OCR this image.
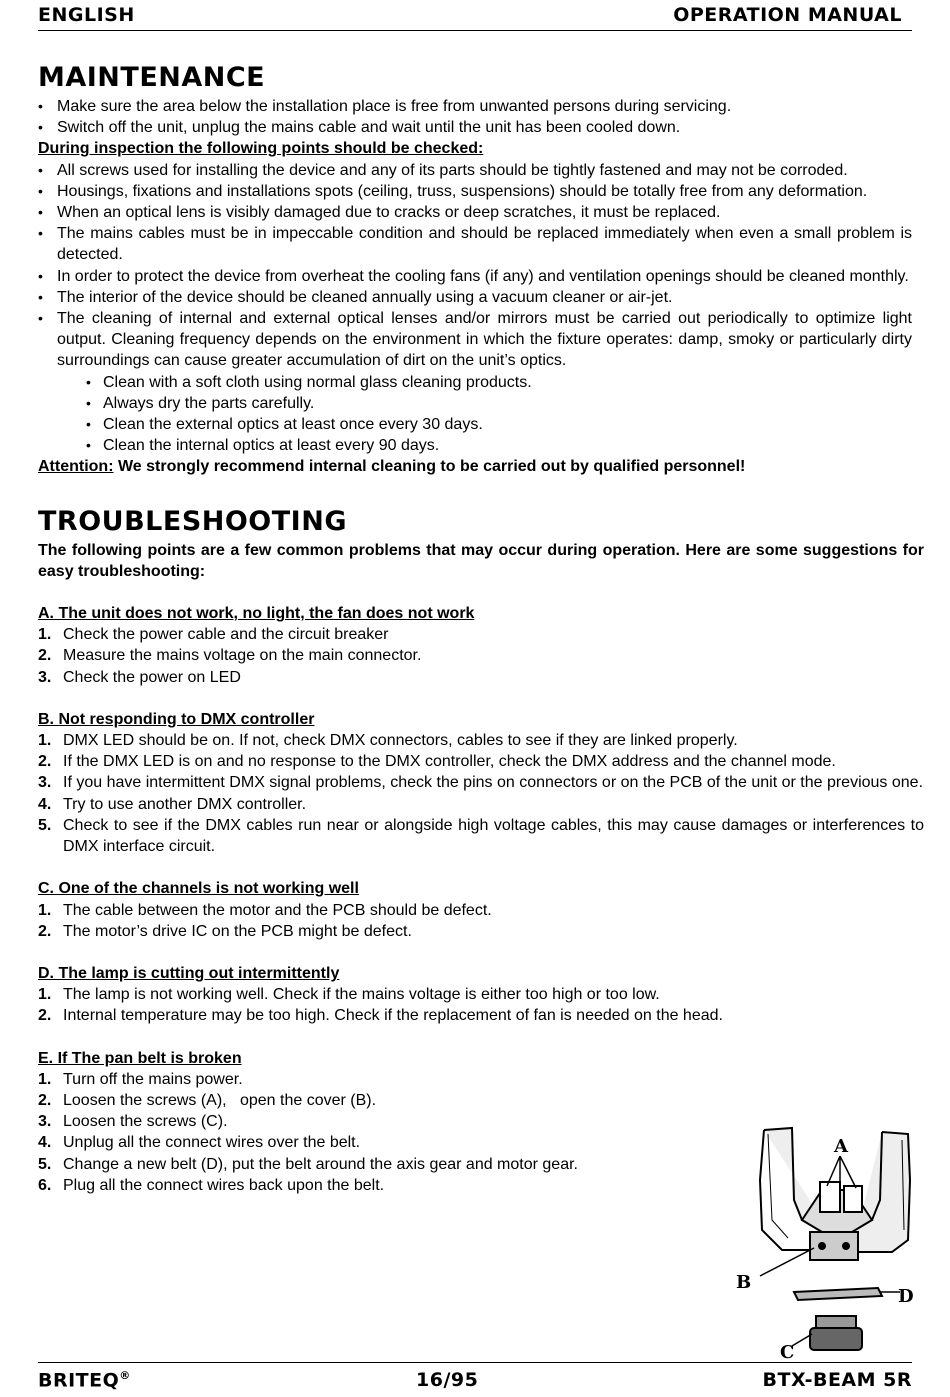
ENGLISH	OPERATION MANUAL
MAINTENANCE
• Make sure the area below the installation place is free from unwanted persons during servicing.
• Switch off the unit, unplug the mains cable and wait until the unit has been cooled down.
During inspection the following points should be checked:
• All screws used for installing the device and any of its parts should be tightly fastened and may not be corroded.
• Housings, fixations and installations spots (ceiling, truss, suspensions) should be totally free from any deformation.
• When an optical lens is visibly damaged due to cracks or deep scratches, it must be replaced.
• The mains cables must be in impeccable condition and should be replaced immediately when even a small problem is detected.
• In order to protect the device from overheat the cooling fans (if any) and ventilation openings should be cleaned monthly.
• The interior of the device should be cleaned annually using a vacuum cleaner or air-jet.
• The cleaning of internal and external optical lenses and/or mirrors must be carried out periodically to optimize light output. Cleaning frequency depends on the environment in which the fixture operates: damp, smoky or particularly dirty surroundings can cause greater accumulation of dirt on the unit’s optics.
• Clean with a soft cloth using normal glass cleaning products.
• Always dry the parts carefully.
• Clean the external optics at least once every 30 days.
• Clean the internal optics at least every 90 days.
Attention: We strongly recommend internal cleaning to be carried out by qualified personnel!
TROUBLESHOOTING
The following points are a few common problems that may occur during operation. Here are some suggestions for easy troubleshooting:
A. The unit does not work, no light, the fan does not work
1. Check the power cable and the circuit breaker
2. Measure the mains voltage on the main connector.
3. Check the power on LED
B. Not responding to DMX controller
1. DMX LED should be on. If not, check DMX connectors, cables to see if they are linked properly.
2. If the DMX LED is on and no response to the DMX controller, check the DMX address and the channel mode.
3. If you have intermittent DMX signal problems, check the pins on connectors or on the PCB of the unit or the previous one.
4. Try to use another DMX controller.
5. Check to see if the DMX cables run near or alongside high voltage cables, this may cause damages or interferences to DMX interface circuit.
C. One of the channels is not working well
1. The cable between the motor and the PCB should be defect.
2. The motor’s drive IC on the PCB might be defect.
D. The lamp is cutting out intermittently
1. The lamp is not working well. Check if the mains voltage is either too high or too low.
2. Internal temperature may be too high. Check if the replacement of fan is needed on the head.
E. If The pan belt is broken
1. Turn off the mains power.
2. Loosen the screws (A),   open the cover (B).
3. Loosen the screws (C).
4. Unplug all the connect wires over the belt.
5. Change a new belt (D), put the belt around the axis gear and motor gear.
6. Plug all the connect wires back upon the belt.
A
B
C
D
BRITEQ®	16/95	BTX-BEAM 5R
